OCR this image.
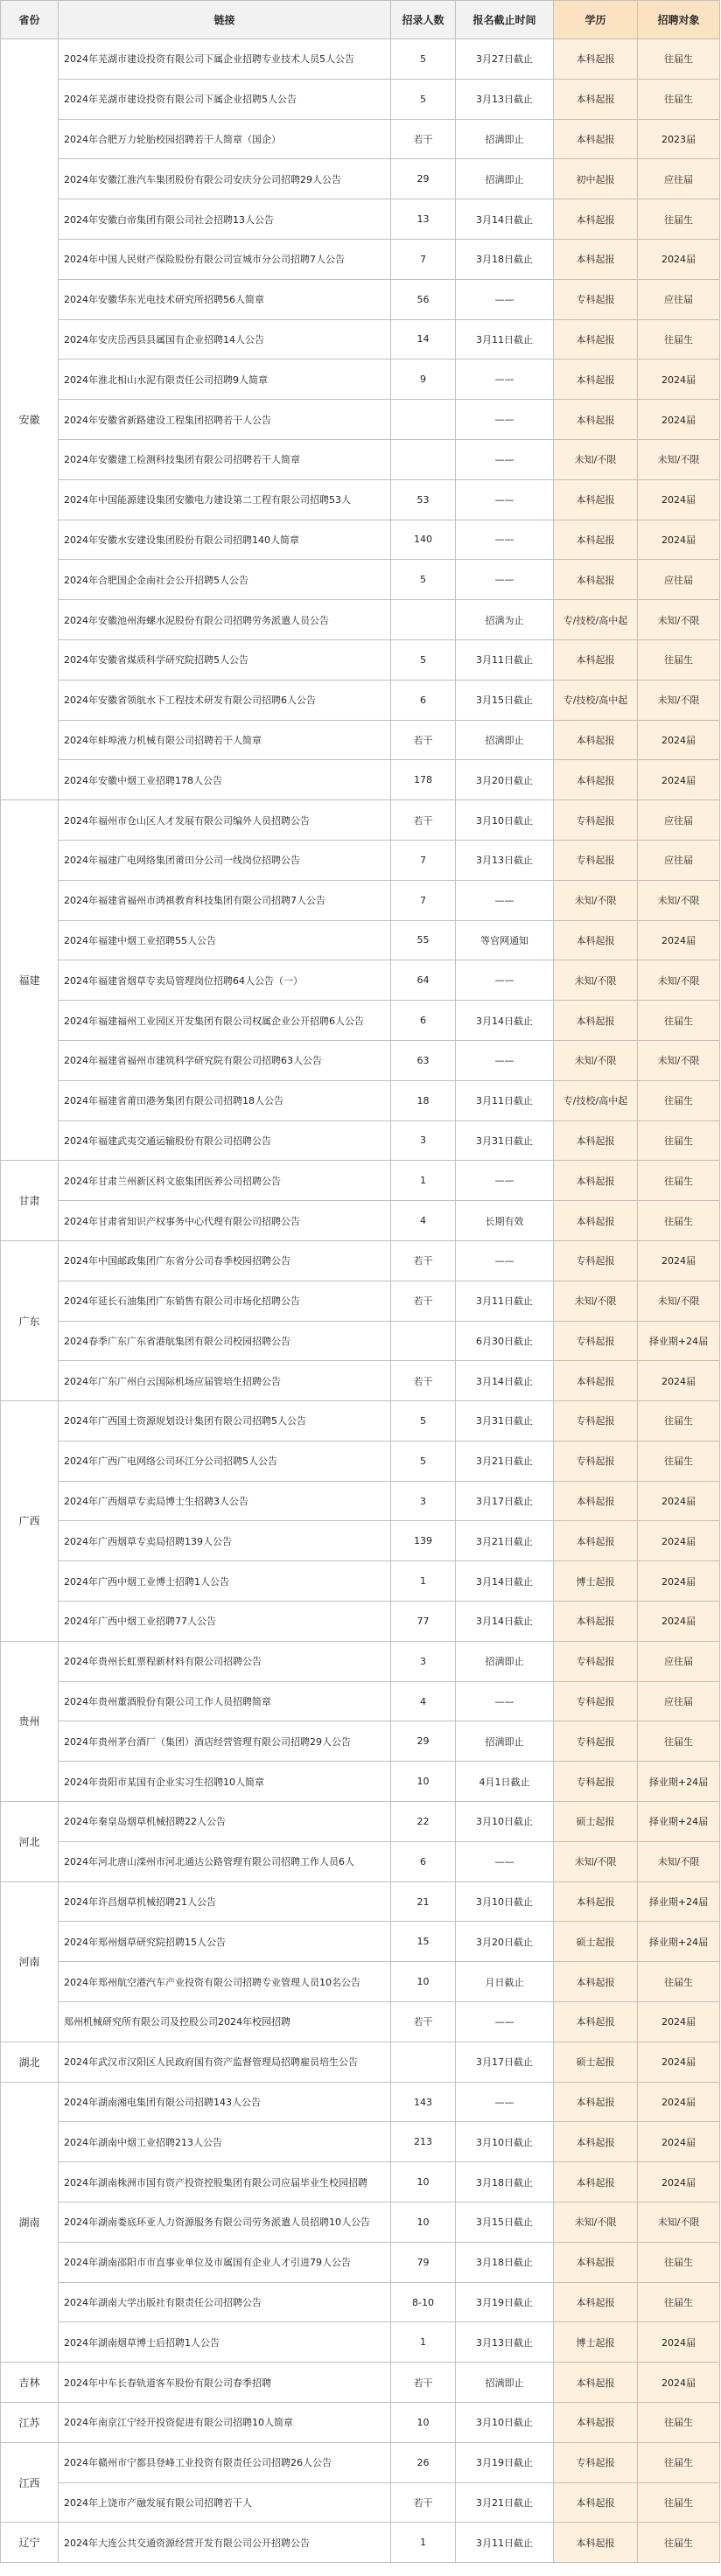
省份	链接	招录人数	报名截止时间	学历	招聘对象
安徽	2024年芜湖市建设投资有限公司下属企业招聘专业技术人员5人公告	5	3月27日截止	本科起报	往届生
	2024年芜湖市建设投资有限公司下属企业招聘5人公告	5	3月13日截止	本科起报	往届生
	2024年合肥万力轮胎校园招聘若干人简章（国企）	若干	招满即止	本科起报	2023届
	2024年安徽江淮汽车集团股份有限公司安庆分公司招聘29人公告	29	招满即止	初中起报	应往届
	2024年安徽白帝集团有限公司社会招聘13人公告	13	3月14日截止	本科起报	往届生
	2024年中国人民财产保险股份有限公司宣城市分公司招聘7人公告	7	3月18日截止	本科起报	2024届
	2024年安徽华东光电技术研究所招聘56人简章	56	——	专科起报	应往届
	2024年安庆岳西县县属国有企业招聘14人公告	14	3月11日截止	本科起报	往届生
	2024年淮北相山水泥有限责任公司招聘9人简章	9	——	本科起报	2024届
	2024年安徽省新路建设工程集团招聘若干人公告		——	本科起报	2024届
	2024年安徽建工检测科技集团有限公司招聘若干人简章		——	未知/不限	未知/不限
	2024年中国能源建设集团安徽电力建设第二工程有限公司招聘53人	53	——	本科起报	2024届
	2024年安徽水安建设集团股份有限公司招聘140人简章	140	——	本科起报	2024届
	2024年合肥国企金南社会公开招聘5人公告	5	——	本科起报	应往届
	2024年安徽池州海螺水泥股份有限公司招聘劳务派遣人员公告		招满为止	专/技校/高中起	未知/不限
	2024年安徽省煤质科学研究院招聘5人公告	5	3月11日截止	本科起报	往届生
	2024年安徽省领航水下工程技术研发有限公司招聘6人公告	6	3月15日截止	专/技校/高中起	未知/不限
	2024年蚌埠液力机械有限公司招聘若干人简章	若干	招满即止	本科起报	2024届
	2024年安徽中烟工业招聘178人公告	178	3月20日截止	本科起报	2024届
福建	2024年福州市仓山区人才发展有限公司编外人员招聘公告	若干	3月10日截止	专科起报	应往届
	2024年福建广电网络集团莆田分公司一线岗位招聘公告	7	3月13日截止	专科起报	应往届
	2024年福建省福州市鸿褀教育科技集团有限公司招聘7人公告	7	——	未知/不限	未知/不限
	2024年福建中烟工业招聘55人公告	55	等官网通知	本科起报	2024届
	2024年福建省烟草专卖局管理岗位招聘64人公告（一）	64	——	未知/不限	未知/不限
	2024年福建福州工业园区开发集团有限公司权属企业公开招聘6人公告	6	3月14日截止	本科起报	往届生
	2024年福建省福州市建筑科学研究院有限公司招聘63人公告	63	——	未知/不限	未知/不限
	2024年福建省莆田港务集团有限公司招聘18人公告	18	3月11日截止	专/技校/高中起	往届生
	2024年福建武夷交通运输股份有限公司招聘公告	3	3月31日截止	本科起报	往届生
甘肃	2024年甘肃兰州新区科文旅集团医养公司招聘公告	1	——	本科起报	往届生
	2024年甘肃省知识产权事务中心代理有限公司招聘公告	4	长期有效	本科起报	往届生
广东	2024年中国邮政集团广东省分公司春季校园招聘公告	若干	——	专科起报	2024届
	2024年延长石油集团广东销售有限公司市场化招聘公告	若干	3月11日截止	未知/不限	未知/不限
	2024春季广东广东省港航集团有限公司校园招聘公告		6月30日截止	专科起报	择业期+24届
	2024年广东广州白云国际机场应届管培生招聘公告	若干	3月14日截止	本科起报	2024届
广西	2024年广西国土资源规划设计集团有限公司招聘5人公告	5	3月31日截止	专科起报	往届生
	2024年广西广电网络公司环江分公司招聘5人公告	5	3月21日截止	专科起报	往届生
	2024年广西烟草专卖局博士生招聘3人公告	3	3月17日截止	本科起报	2024届
	2024年广西烟草专卖局招聘139人公告	139	3月21日截止	本科起报	2024届
	2024年广西中烟工业博士招聘1人公告	1	3月14日截止	博士起报	2024届
	2024年广西中烟工业招聘77人公告	77	3月14日截止	本科起报	2024届
贵州	2024年贵州长虹票程新材料有限公司招聘公告	3	招满即止	专科起报	应往届
	2024年贵州董酒股份有限公司工作人员招聘简章	4	——	专科起报	应往届
	2024年贵州茅台酒厂（集团）酒店经营管理有限公司招聘29人公告	29	招满即止	专科起报	往届生
	2024年贵阳市某国有企业实习生招聘10人简章	10	4月1日截止	专科起报	择业期+24届
河北	2024年秦皇岛烟草机械招聘22人公告	22	3月10日截止	硕士起报	择业期+24届
	2024年河北唐山滦州市河北通达公路管理有限公司招聘工作人员6人	6	——	未知/不限	未知/不限
河南	2024年许昌烟草机械招聘21人公告	21	3月10日截止	本科起报	择业期+24届
	2024年郑州烟草研究院招聘15人公告	15	3月20日截止	硕士起报	择业期+24届
	2024年郑州航空港汽车产业投资有限公司招聘专业管理人员10名公告	10	月日截止	本科起报	往届生
	郑州机械研究所有限公司及控股公司2024年校园招聘	若干	——	本科起报	2024届
湖北	2024年武汉市汉阳区人民政府国有资产监督管理局招聘雇员培生公告		3月17日截止	硕士起报	2024届
湖南	2024年湖南湘电集团有限公司招聘143人公告	143	——	本科起报	2024届
	2024年湖南中烟工业招聘213人公告	213	3月10日截止	本科起报	2024届
	2024年湖南株洲市国有资产投资控股集团有限公司应届毕业生校园招聘	10	3月18日截止	本科起报	2024届
	2024年湖南娄底环亚人力资源服务有限公司劳务派遣人员招聘10人公告	10	3月15日截止	未知/不限	未知/不限
	2024年湖南邵阳市市直事业单位及市属国有企业人才引进79人公告	79	3月18日截止	本科起报	往届生
	2024年湖南大学出版社有限责任公司招聘公告	8-10	3月19日截止	本科起报	往届生
	2024年湖南烟草博士后招聘1人公告	1	3月13日截止	博士起报	2024届
吉林	2024年中车长春轨道客车股份有限公司春季招聘	若干	招满即止	本科起报	2024届
江苏	2024年南京江宁经开投资促进有限公司招聘10人简章	10	3月10日截止	本科起报	往届生
江西	2024年赣州市宁都县登峰工业投资有限责任公司招聘26人公告	26	3月19日截止	专科起报	往届生
	2024年上饶市产融发展有限公司招聘若干人	若干	3月21日截止	本科起报	往届生
辽宁	2024年大连公共交通资源经营开发有限公司公开招聘公告	1	3月11日截止	本科起报	往届生
